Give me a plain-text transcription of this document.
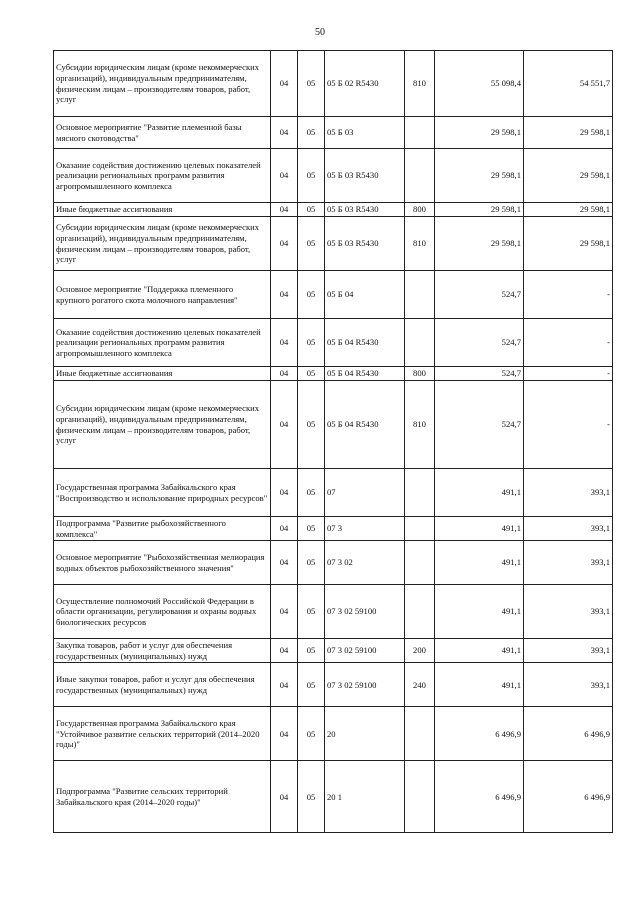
50
Субсидии юридическим лицам (кроме некоммерческих организаций), индивидуальным предпринимателям, физическим лицам – производителям товаров, работ, услуг	04	05	05 Б 02 R5430	810	55 098,4	54 551,7
Основное мероприятие "Развитие племенной базы мясного скотоводства"	04	05	05 Б 03		29 598,1	29 598,1
Оказание содействия достижению целевых показателей реализации региональных программ развития агропромышленного комплекса	04	05	05 Б 03 R5430		29 598,1	29 598,1
Иные бюджетные ассигнования	04	05	05 Б 03 R5430	800	29 598,1	29 598,1
Субсидии юридическим лицам (кроме некоммерческих организаций), индивидуальным предпринимателям, физическим лицам – производителям товаров, работ, услуг	04	05	05 Б 03 R5430	810	29 598,1	29 598,1
Основное мероприятие "Поддержка племенного крупного рогатого скота молочного направления"	04	05	05 Б 04		524,7	-
Оказание содействия достижению целевых показателей реализации региональных программ развития агропромышленного комплекса	04	05	05 Б 04 R5430		524,7	-
Иные бюджетные ассигнования	04	05	05 Б 04 R5430	800	524,7	-
Субсидии юридическим лицам (кроме некоммерческих организаций), индивидуальным предпринимателям, физическим лицам – производителям товаров, работ, услуг	04	05	05 Б 04 R5430	810	524,7	-
Государственная программа Забайкальского края "Воспроизводство и использование природных ресурсов"	04	05	07		491,1	393,1
Подпрограмма "Развитие рыбохозяйственного комплекса"	04	05	07 3		491,1	393,1
Основное мероприятие "Рыбохозяйственная мелиорация водных объектов рыбохозяйственного значения"	04	05	07 3 02		491,1	393,1
Осуществление полномочий Российской Федерации в области организации, регулирования и охраны водных биологических ресурсов	04	05	07 3 02 59100		491,1	393,1
Закупка товаров, работ и услуг для обеспечения государственных (муниципальных) нужд	04	05	07 3 02 59100	200	491,1	393,1
Иные закупки товаров, работ и услуг для обеспечения государственных (муниципальных) нужд	04	05	07 3 02 59100	240	491,1	393,1
Государственная программа Забайкальского края "Устойчивое развитие сельских территорий (2014–2020 годы)"	04	05	20		6 496,9	6 496,9
Подпрограмма "Развитие сельских территорий Забайкальского края (2014–2020 годы)"	04	05	20 1		6 496,9	6 496,9
